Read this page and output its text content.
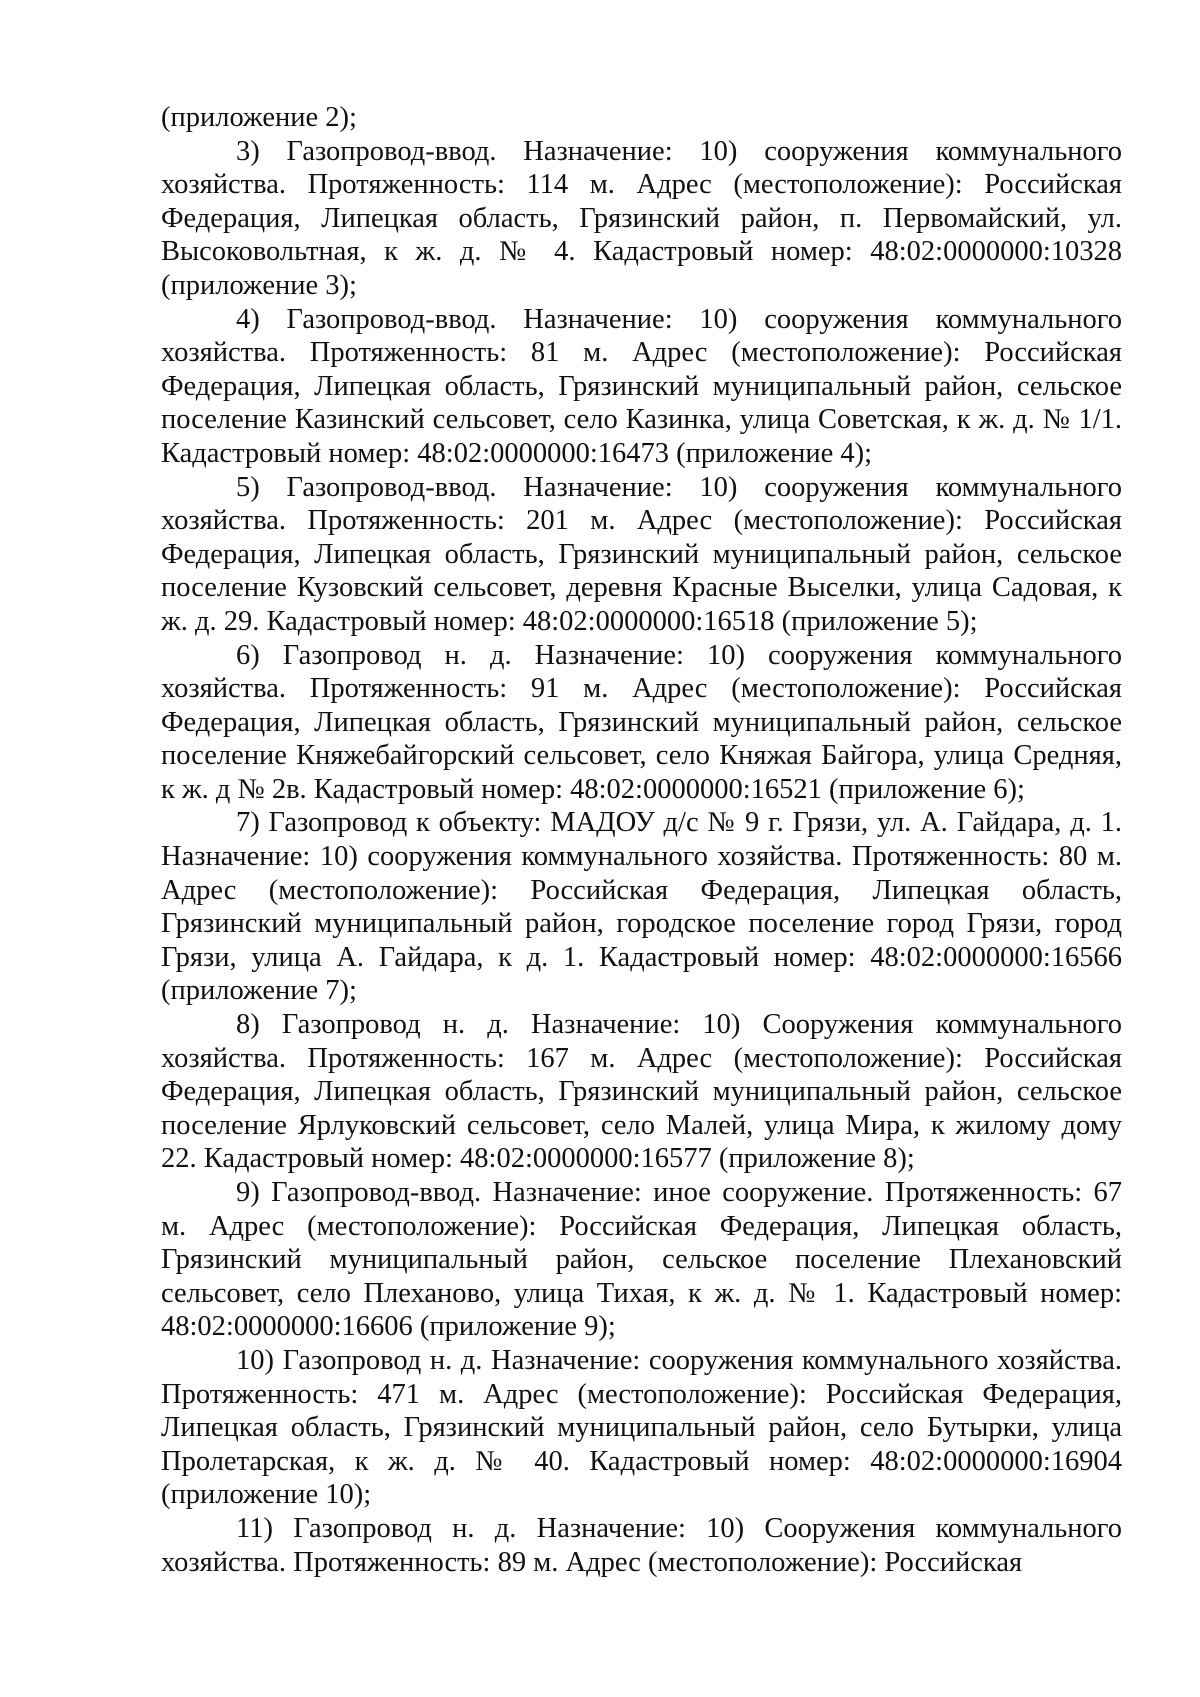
(приложение 2);

3) Газопровод-ввод. Назначение: 10) сооружения коммунального хозяйства. Протяженность: 114 м. Адрес (местоположение): Российская Федерация, Липецкая область, Грязинский район, п. Первомайский, ул. Высоковольтная, к ж. д. № 4. Кадастровый номер: 48:02:0000000:10328 (приложение 3);

4) Газопровод-ввод. Назначение: 10) сооружения коммунального хозяйства. Протяженность: 81 м. Адрес (местоположение): Российская Федерация, Липецкая область, Грязинский муниципальный район, сельское поселение Казинский сельсовет, село Казинка, улица Советская, к ж. д. № 1/1. Кадастровый номер: 48:02:0000000:16473 (приложение 4);

5) Газопровод-ввод. Назначение: 10) сооружения коммунального хозяйства. Протяженность: 201 м. Адрес (местоположение): Российская Федерация, Липецкая область, Грязинский муниципальный район, сельское поселение Кузовский сельсовет, деревня Красные Выселки, улица Садовая, к ж. д. 29. Кадастровый номер: 48:02:0000000:16518 (приложение 5);

6) Газопровод н. д. Назначение: 10) сооружения коммунального хозяйства. Протяженность: 91 м. Адрес (местоположение): Российская Федерация, Липецкая область, Грязинский муниципальный район, сельское поселение Княжебайгорский сельсовет, село Княжая Байгора, улица Средняя, к ж. д № 2в. Кадастровый номер: 48:02:0000000:16521 (приложение 6);

7) Газопровод к объекту: МАДОУ д/с № 9 г. Грязи, ул. А. Гайдара, д. 1. Назначение: 10) сооружения коммунального хозяйства. Протяженность: 80 м. Адрес (местоположение): Российская Федерация, Липецкая область, Грязинский муниципальный район, городское поселение город Грязи, город Грязи, улица А. Гайдара, к д. 1. Кадастровый номер: 48:02:0000000:16566 (приложение 7);

8) Газопровод н. д. Назначение: 10) Сооружения коммунального хозяйства. Протяженность: 167 м. Адрес (местоположение): Российская Федерация, Липецкая область, Грязинский муниципальный район, сельское поселение Ярлуковский сельсовет, село Малей, улица Мира, к жилому дому 22. Кадастровый номер: 48:02:0000000:16577 (приложение 8);

9) Газопровод-ввод. Назначение: иное сооружение. Протяженность: 67 м. Адрес (местоположение): Российская Федерация, Липецкая область, Грязинский муниципальный район, сельское поселение Плехановский сельсовет, село Плеханово, улица Тихая, к ж. д. № 1. Кадастровый номер: 48:02:0000000:16606 (приложение 9);

10) Газопровод н. д. Назначение: сооружения коммунального хозяйства. Протяженность: 471 м. Адрес (местоположение): Российская Федерация, Липецкая область, Грязинский муниципальный район, село Бутырки, улица Пролетарская, к ж. д. № 40. Кадастровый номер: 48:02:0000000:16904 (приложение 10);

11) Газопровод н. д. Назначение: 10) Сооружения коммунального хозяйства. Протяженность: 89 м. Адрес (местоположение): Российская
